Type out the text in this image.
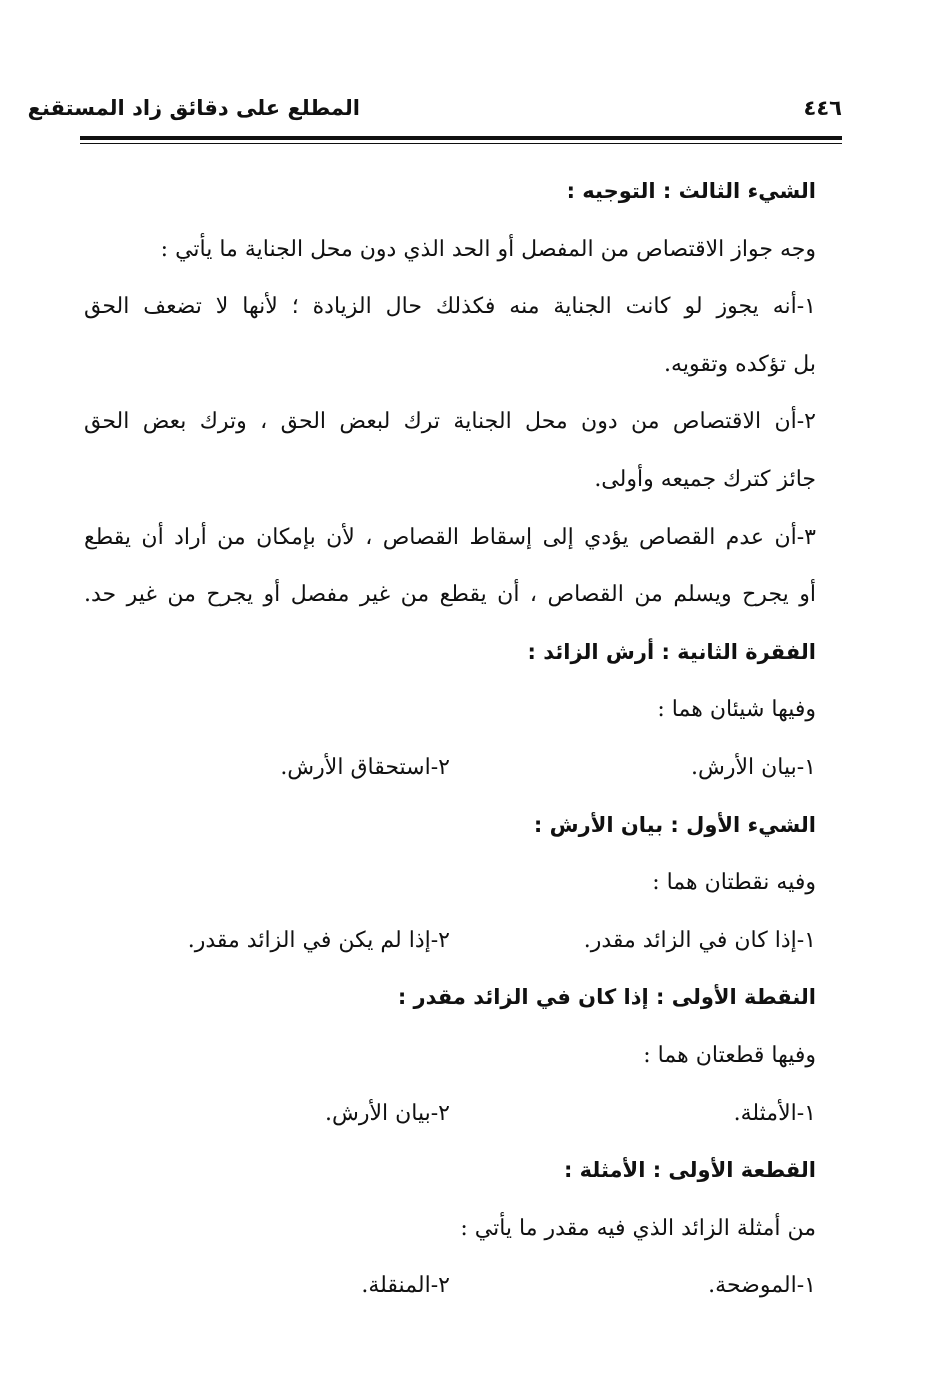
٤٤٦
المطلع على دقائق زاد المستقنع
الشيء الثالث : التوجيه :
وجه جواز الاقتصاص من المفصل أو الحد الذي دون محل الجناية ما يأتي :
١-أنه يجوز لو كانت الجناية منه فكذلك حال الزيادة ؛ لأنها لا تضعف الحق
بل تؤكده وتقويه.
٢-أن الاقتصاص من دون محل الجناية ترك لبعض الحق ، وترك بعض الحق
جائز كترك جميعه وأولى.
٣-أن عدم القصاص يؤدي إلى إسقاط القصاص ، لأن بإمكان من أراد أن يقطع
أو يجرح ويسلم من القصاص ، أن يقطع من غير مفصل أو يجرح من غير حد.
الفقرة الثانية : أرش الزائد :
وفيها شيئان هما :
١-بيان الأرش.
٢-استحقاق الأرش.
الشيء الأول : بيان الأرش :
وفيه نقطتان هما :
١-إذا كان في الزائد مقدر.
٢-إذا لم يكن في الزائد مقدر.
النقطة الأولى : إذا كان في الزائد مقدر :
وفيها قطعتان هما :
١-الأمثلة.
٢-بيان الأرش.
القطعة الأولى : الأمثلة :
من أمثلة الزائد الذي فيه مقدر ما يأتي :
١-الموضحة.
٢-المنقلة.
